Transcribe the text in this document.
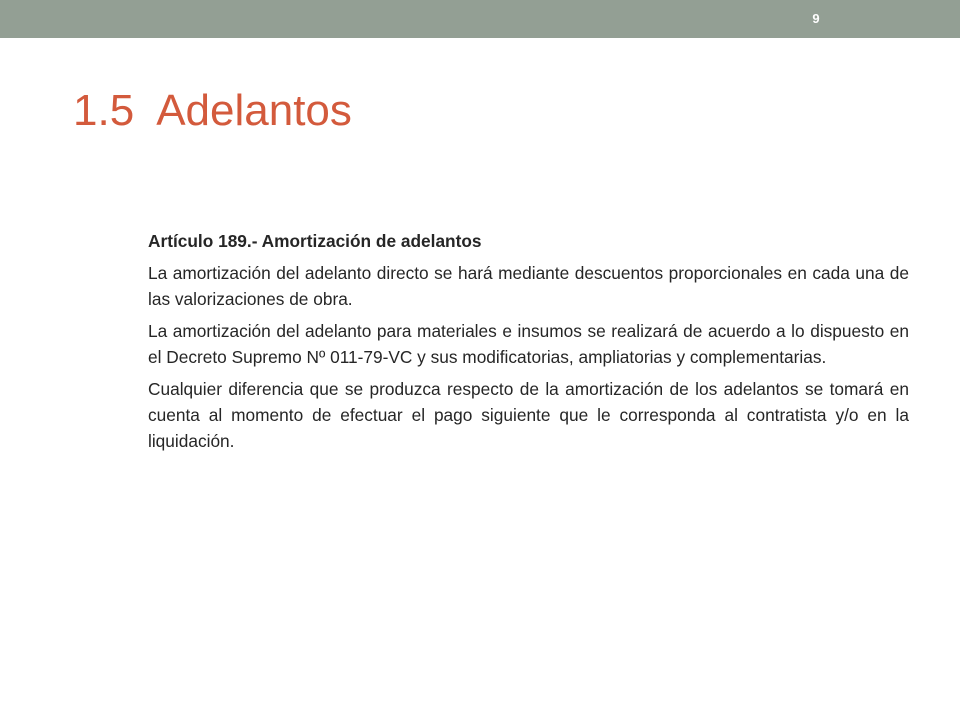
9
1.5  Adelantos

Artículo 189.- Amortización de adelantos

La amortización del adelanto directo se hará mediante descuentos proporcionales en cada una de las valorizaciones de obra.

La amortización del adelanto para materiales e insumos se realizará de acuerdo a lo dispuesto en el Decreto Supremo Nº 011-79-VC y sus modificatorias, ampliatorias y complementarias.

Cualquier diferencia que se produzca respecto de la amortización de los adelantos se tomará en cuenta al momento de efectuar el pago siguiente que le corresponda al contratista y/o en la liquidación.
